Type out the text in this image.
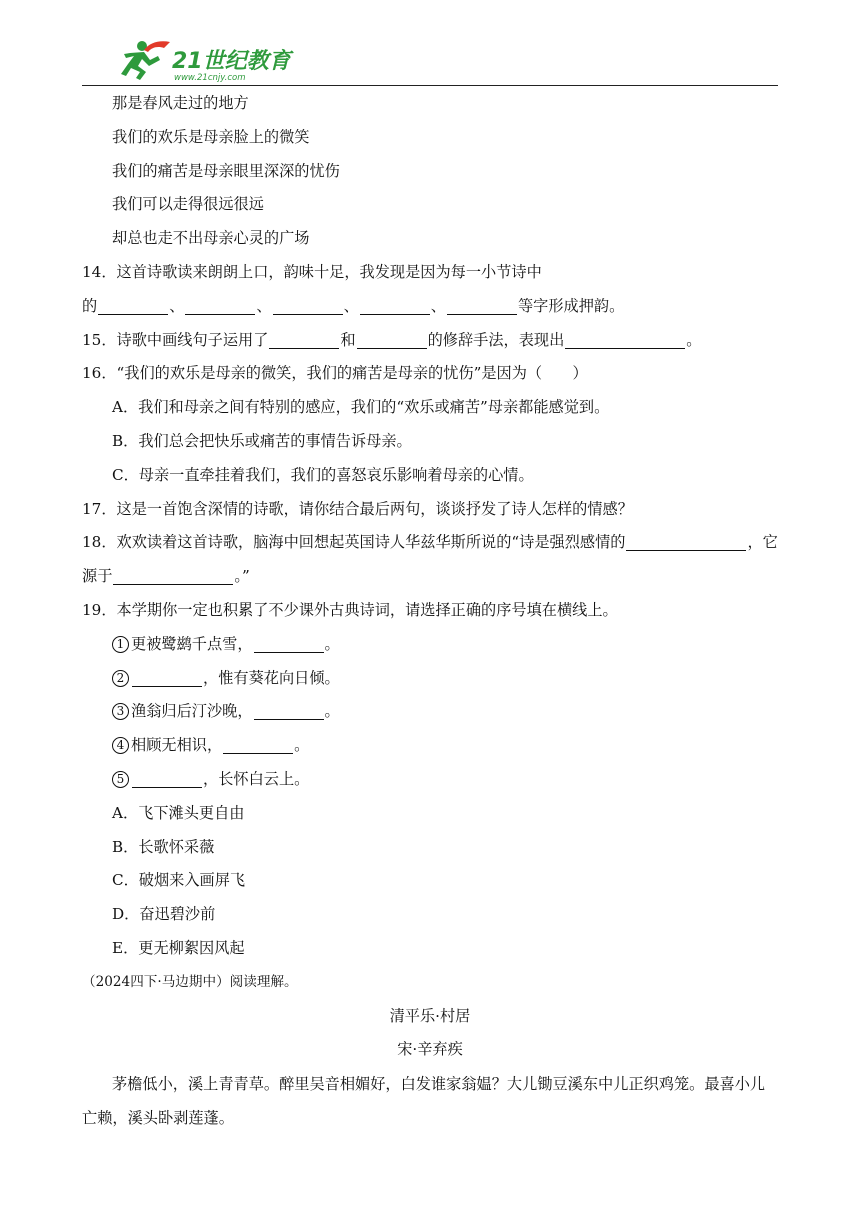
21世纪教育
www.21cnjy.com
那是春风走过的地方
我们的欢乐是母亲脸上的微笑
我们的痛苦是母亲眼里深深的忧伤
我们可以走得很远很远
却总也走不出母亲心灵的广场
14．这首诗歌读来朗朗上口，韵味十足，我发现是因为每一小节诗中
的	、	、	、	、	等字形成押韵。
15．诗歌中画线句子运用了	和	的修辞手法，表现出	。
16．“我们的欢乐是母亲的微笑，我们的痛苦是母亲的忧伤”是因为（　　）
A．我们和母亲之间有特别的感应，我们的“欢乐或痛苦”母亲都能感觉到。
B．我们总会把快乐或痛苦的事情告诉母亲。
C．母亲一直牵挂着我们，我们的喜怒哀乐影响着母亲的心情。
17．这是一首饱含深情的诗歌，请你结合最后两句，谈谈抒发了诗人怎样的情感？
18．欢欢读着这首诗歌，脑海中回想起英国诗人华兹华斯所说的“诗是强烈感情的	，它
源于	。”
19．本学期你一定也积累了不少课外古典诗词，请选择正确的序号填在横线上。
1 更被鹭鹚千点雪，	。
2	，惟有葵花向日倾。
3 渔翁归后汀沙晚，	。
4 相顾无相识，	。
5	，长怀白云上。
A．飞下滩头更自由
B．长歌怀采薇
C．破烟来入画屏飞
D．奋迅碧沙前
E．更无柳絮因风起
（2024四下·马边期中）阅读理解。
清平乐·村居
宋·辛弃疾
茅檐低小，溪上青青草。醉里吴音相媚好，白发谁家翁媪？大儿锄豆溪东中儿正织鸡笼。最喜小儿亡赖，溪头卧剥莲蓬。
